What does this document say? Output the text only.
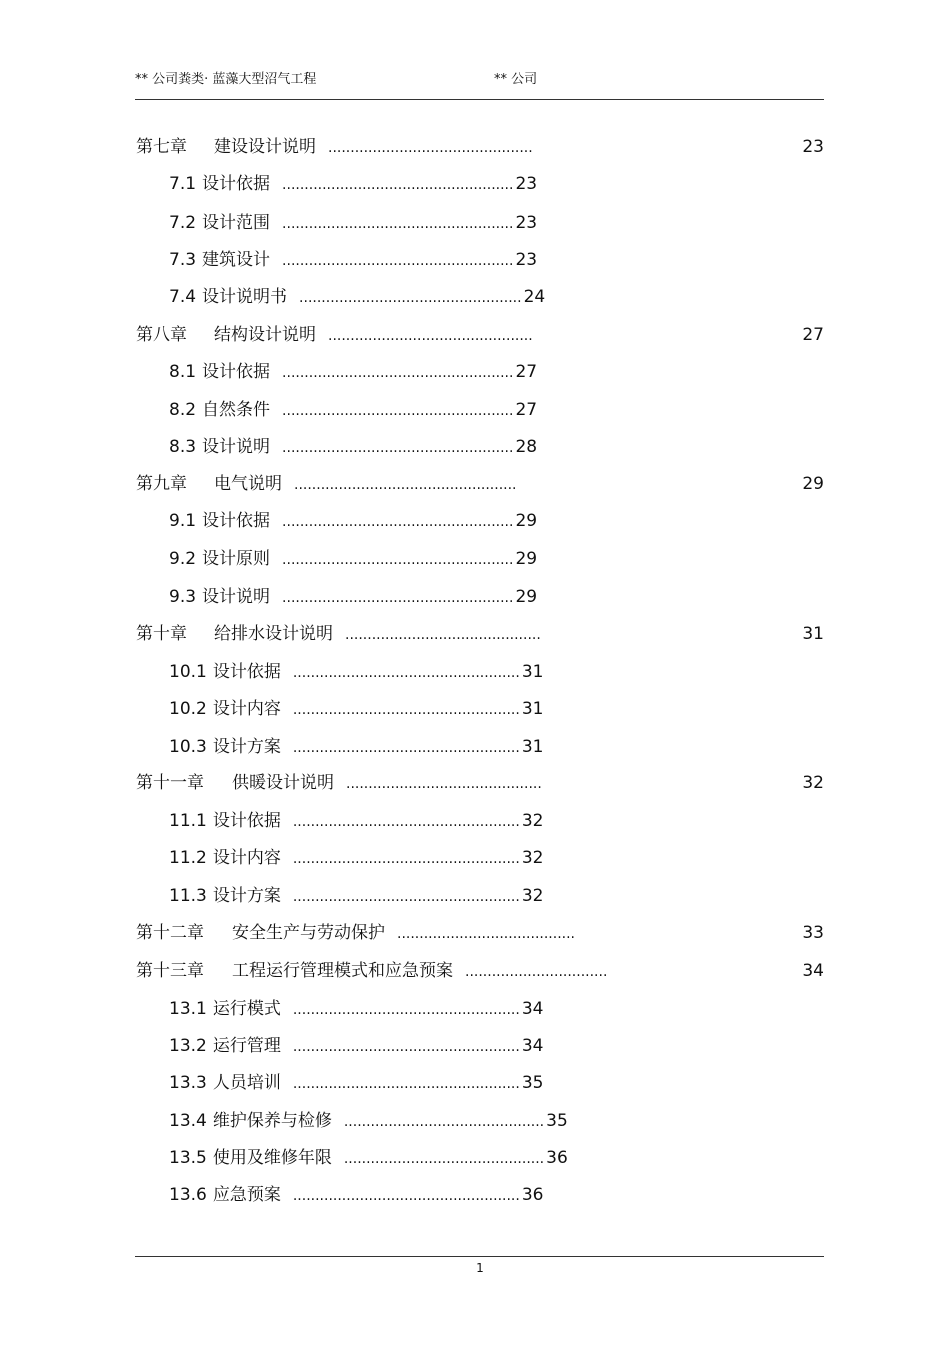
** 公司粪类· 蓝藻大型沼气工程	** 公司
第七章 建设设计说明 ..............................................	23
7.1 设计依据 .................................................... 23
7.2 设计范围 .................................................... 23
7.3 建筑设计 .................................................... 23
7.4 设计说明书 .................................................. 24
第八章 结构设计说明 ..............................................	27
8.1 设计依据 .................................................... 27
8.2 自然条件 .................................................... 27
8.3 设计说明 .................................................... 28
第九章 电气说明 ..................................................	29
9.1 设计依据 .................................................... 29
9.2 设计原则 .................................................... 29
9.3 设计说明 .................................................... 29
第十章 给排水设计说明 ............................................	31
10.1 设计依据 ................................................... 31
10.2 设计内容 ................................................... 31
10.3 设计方案 ................................................... 31
第十一章 供暖设计说明 ............................................	32
11.1 设计依据 ................................................... 32
11.2 设计内容 ................................................... 32
11.3 设计方案 ................................................... 32
第十二章 安全生产与劳动保护 ........................................	33
第十三章 工程运行管理模式和应急预案 ................................	34
13.1 运行模式 ................................................... 34
13.2 运行管理 ................................................... 34
13.3 人员培训 ................................................... 35
13.4 维护保养与检修 ............................................. 35
13.5 使用及维修年限 ............................................. 36
13.6 应急预案 ................................................... 36
1
